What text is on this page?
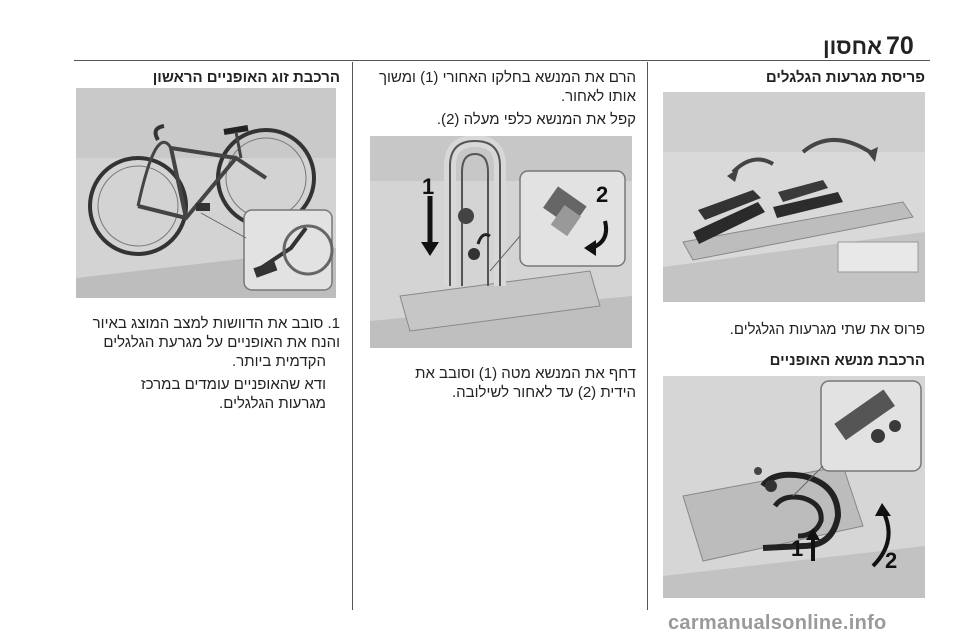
אחסון 70
פריסת מגרעות הגלגלים
פרוס את שתי מגרעות הגלגלים.
הרכבת מנשא האופניים
1	2
הרם את המנשא בחלקו האחורי (1) ומשוך
אותו לאחור.
קפל את המנשא כלפי מעלה (2).
1	2
דחף את המנשא מטה (1) וסובב את
הידית (2) עד לאחור לשילובה.
הרכבת זוג האופניים הראשון
1. סובב את הדוושות למצב המוצג באיור
והנח את האופניים על מגרעת הגלגלים
הקדמית ביותר.
ודא שהאופניים עומדים במרכז
מגרעות הגלגלים.
carmanualsonline.info
